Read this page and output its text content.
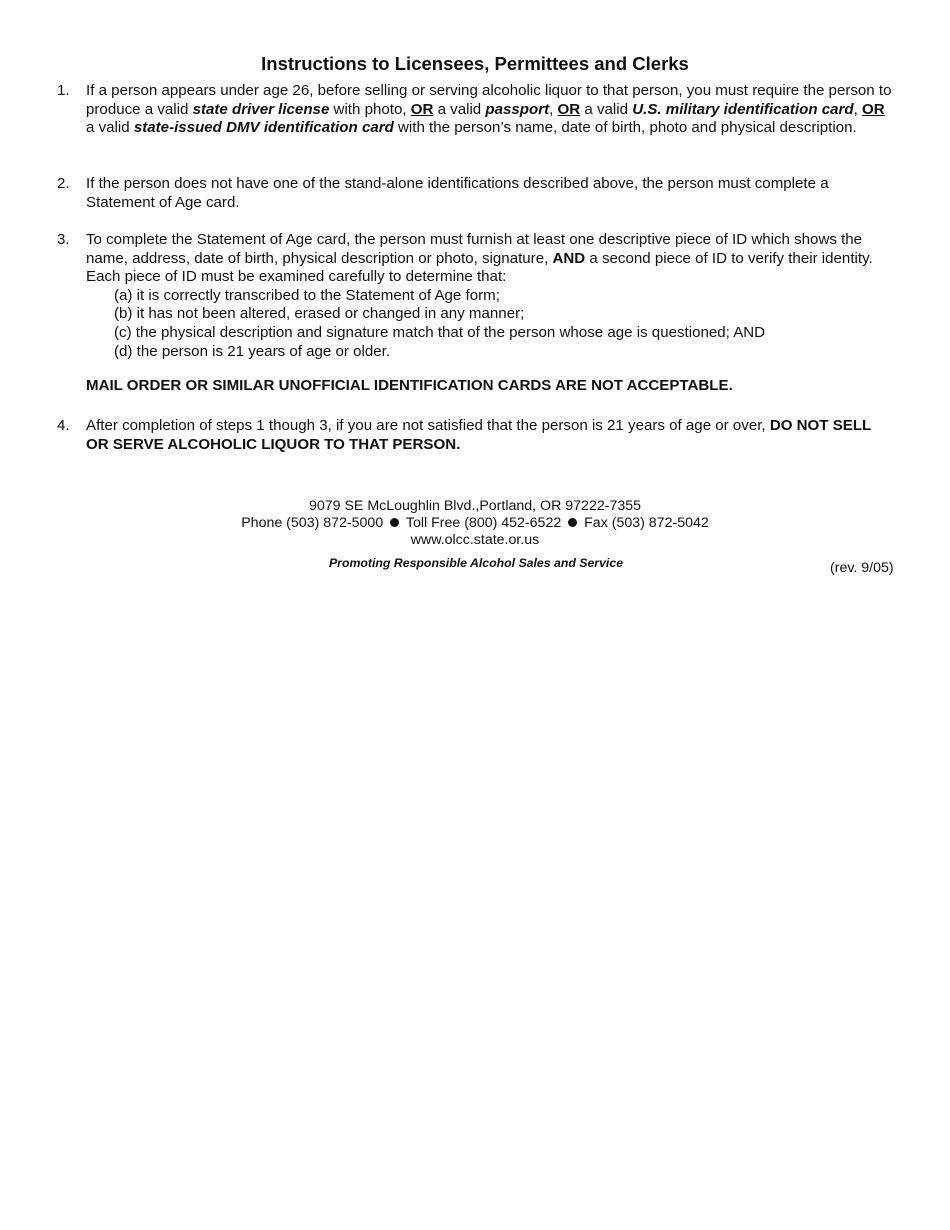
Instructions to Licensees, Permittees and Clerks
1. If a person appears under age 26, before selling or serving alcoholic liquor to that person, you must require the person to produce a valid state driver license with photo, OR a valid passport, OR a valid U.S. military identification card, OR a valid state-issued DMV identification card with the person’s name, date of birth, photo and physical description.
2. If the person does not have one of the stand-alone identifications described above, the person must complete a Statement of Age card.
3. To complete the Statement of Age card, the person must furnish at least one descriptive piece of ID which shows the name, address, date of birth, physical description or photo, signature, AND a second piece of ID to verify their identity. Each piece of ID must be examined carefully to determine that:
(a) it is correctly transcribed to the Statement of Age form;
(b) it has not been altered, erased or changed in any manner;
(c) the physical description and signature match that of the person whose age is questioned; AND
(d) the person is 21 years of age or older.
MAIL ORDER OR SIMILAR UNOFFICIAL IDENTIFICATION CARDS ARE NOT ACCEPTABLE.
4. After completion of steps 1 though 3, if you are not satisfied that the person is 21 years of age or over, DO NOT SELL OR SERVE ALCOHOLIC LIQUOR TO THAT PERSON.
9079 SE McLoughlin Blvd.,Portland, OR 97222-7355
Phone (503) 872-5000 Toll Free (800) 452-6522 Fax (503) 872-5042
www.olcc.state.or.us
Promoting Responsible Alcohol Sales and Service	(rev. 9/05)
